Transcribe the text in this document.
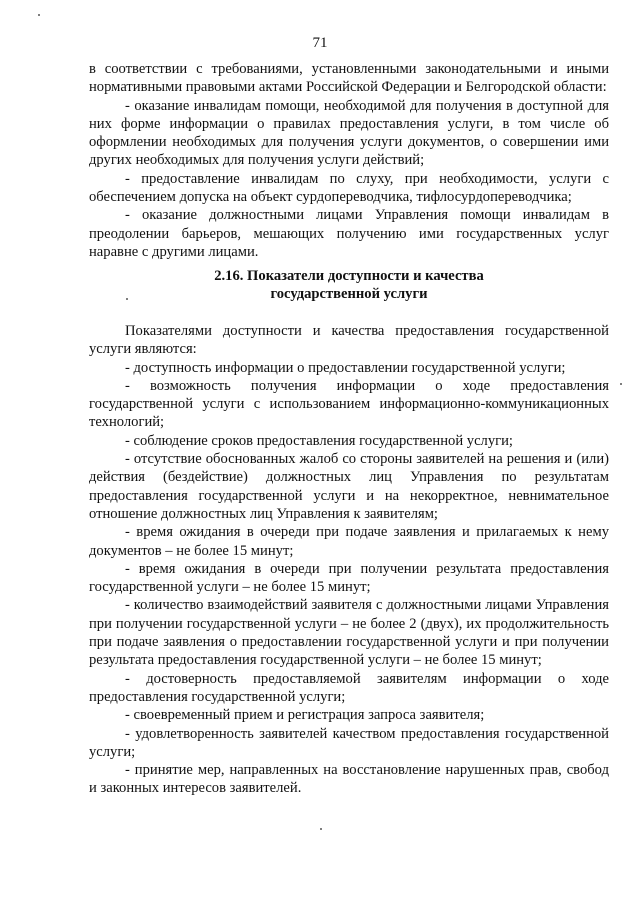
71

в соответствии с требованиями, установленными законодательными и иными нормативными правовыми актами Российской Федерации и Белгородской области:

- оказание инвалидам помощи, необходимой для получения в доступной для них форме информации о правилах предоставления услуги, в том числе об оформлении необходимых для получения услуги документов, о совершении ими других необходимых для получения услуги действий;

- предоставление инвалидам по слуху, при необходимости, услуги с обеспечением допуска на объект сурдопереводчика, тифлосурдопереводчика;

- оказание должностными лицами Управления помощи инвалидам в преодолении барьеров, мешающих получению ими государственных услуг наравне с другими лицами.

2.16. Показатели доступности и качества
государственной услуги

Показателями доступности и качества предоставления государственной услуги являются:

- доступность информации о предоставлении государственной услуги;

- возможность получения информации о ходе предоставления государственной услуги с использованием информационно-коммуникационных технологий;

- соблюдение сроков предоставления государственной услуги;

- отсутствие обоснованных жалоб со стороны заявителей на решения и (или) действия (бездействие) должностных лиц Управления по результатам предоставления государственной услуги и на некорректное, невнимательное отношение должностных лиц Управления к заявителям;

- время ожидания в очереди при подаче заявления и прилагаемых к нему документов – не более 15 минут;

- время ожидания в очереди при получении результата предоставления государственной услуги – не более 15 минут;

- количество взаимодействий заявителя с должностными лицами Управления при получении государственной услуги – не более 2 (двух), их продолжительность при подаче заявления о предоставлении государственной услуги и при получении результата предоставления государственной услуги – не более 15 минут;

- достоверность предоставляемой заявителям информации о ходе предоставления государственной услуги;

- своевременный прием и регистрация запроса заявителя;

- удовлетворенность заявителей качеством предоставления государственной услуги;

- принятие мер, направленных на восстановление нарушенных прав, свобод и законных интересов заявителей.
